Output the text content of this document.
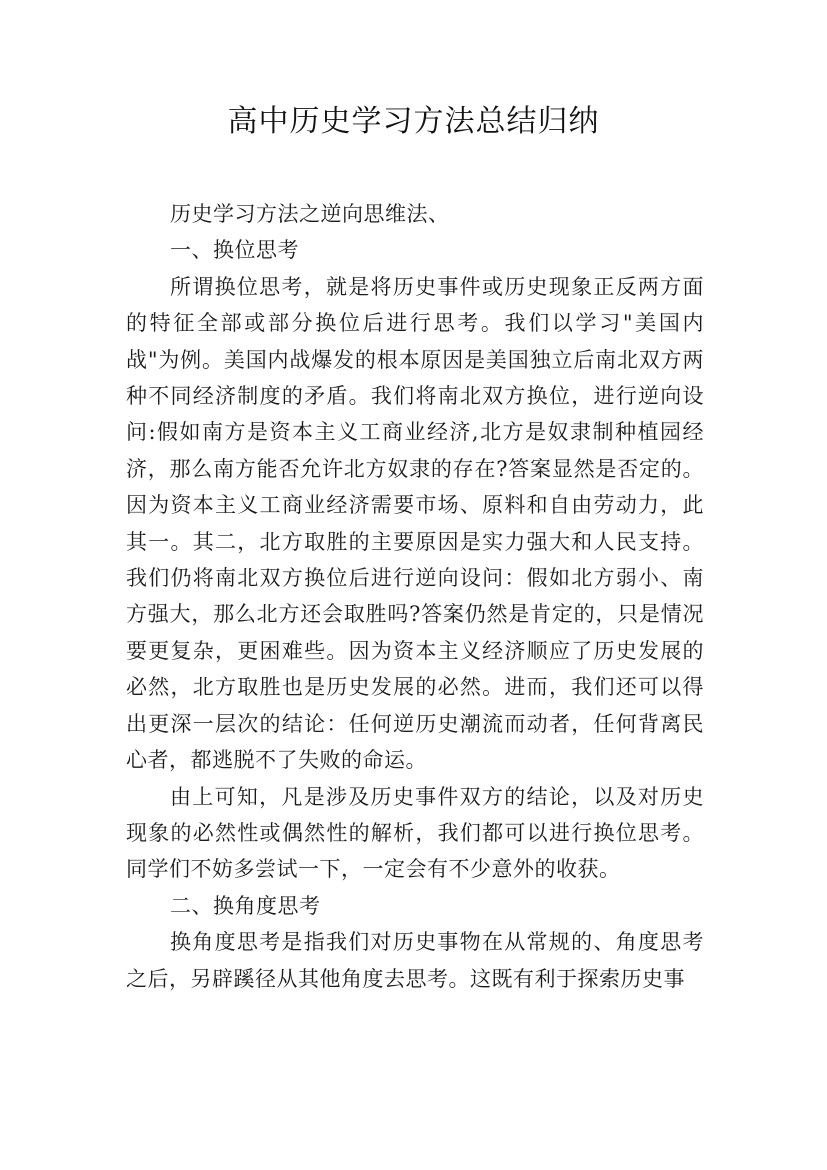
高中历史学习方法总结归纳

历史学习方法之逆向思维法、

一、换位思考

所谓换位思考，就是将历史事件或历史现象正反两方面的特征全部或部分换位后进行思考。我们以学习"美国内战"为例。美国内战爆发的根本原因是美国独立后南北双方两种不同经济制度的矛盾。我们将南北双方换位，进行逆向设问:假如南方是资本主义工商业经济,北方是奴隶制种植园经济，那么南方能否允许北方奴隶的存在?答案显然是否定的。因为资本主义工商业经济需要市场、原料和自由劳动力，此其一。其二，北方取胜的主要原因是实力强大和人民支持。我们仍将南北双方换位后进行逆向设问：假如北方弱小、南方强大，那么北方还会取胜吗?答案仍然是肯定的，只是情况要更复杂，更困难些。因为资本主义经济顺应了历史发展的必然，北方取胜也是历史发展的必然。进而，我们还可以得出更深一层次的结论：任何逆历史潮流而动者，任何背离民心者，都逃脱不了失败的命运。

由上可知，凡是涉及历史事件双方的结论，以及对历史现象的必然性或偶然性的解析，我们都可以进行换位思考。同学们不妨多尝试一下，一定会有不少意外的收获。

二、换角度思考

换角度思考是指我们对历史事物在从常规的、角度思考之后，另辟蹊径从其他角度去思考。这既有利于探索历史事
